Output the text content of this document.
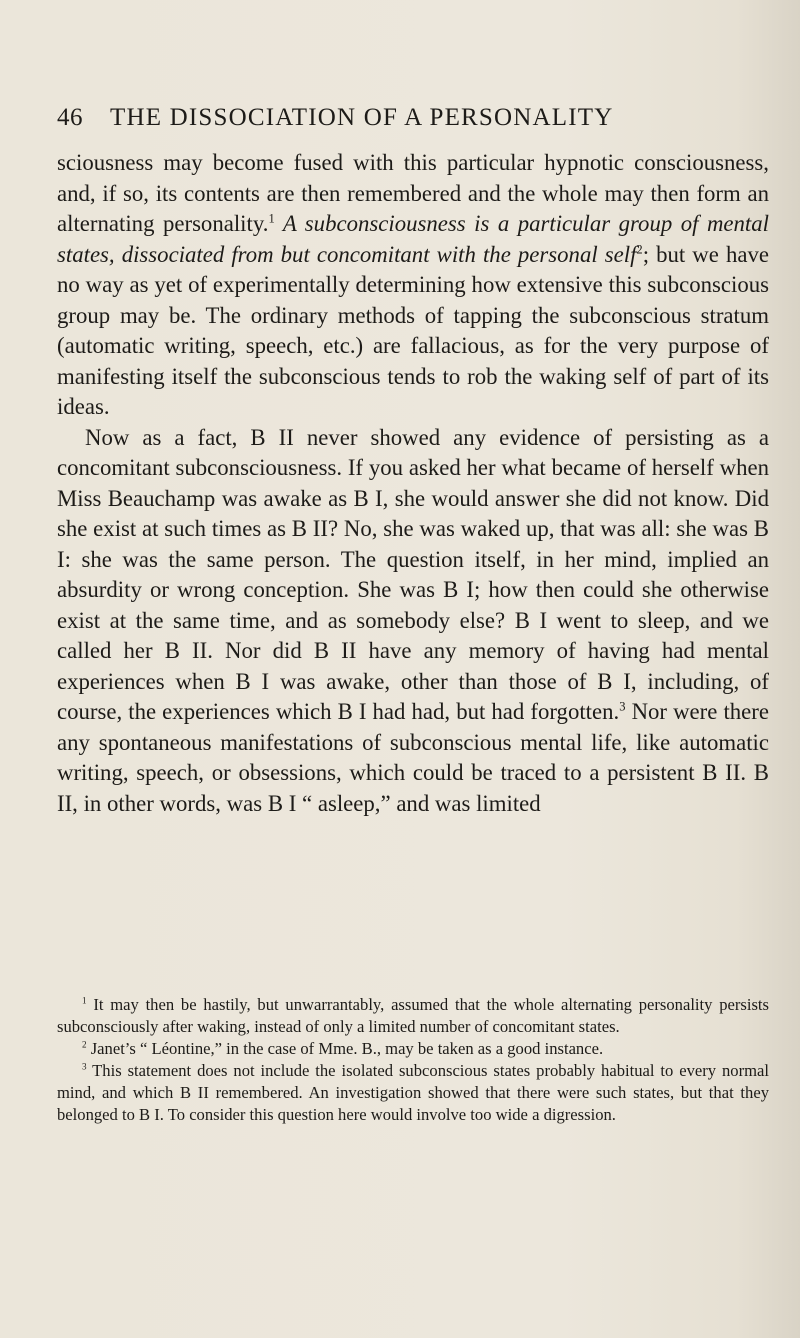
46 THE DISSOCIATION OF A PERSONALITY

sciousness may become fused with this particular hypnotic consciousness, and, if so, its contents are then remembered and the whole may then form an alternating personality.$^1$ A subconsciousness is a particular group of mental states, dissociated from but concomitant with the personal self$^2$; but we have no way as yet of experimentally determining how extensive this subconscious group may be. The ordinary methods of tapping the subconscious stratum (automatic writing, speech, etc.) are fallacious, as for the very purpose of manifesting itself the subconscious tends to rob the waking self of part of its ideas.

Now as a fact, B II never showed any evidence of persisting as a concomitant subconsciousness. If you asked her what became of herself when Miss Beauchamp was awake as B I, she would answer she did not know. Did she exist at such times as B II? No, she was waked up, that was all: she was B I: she was the same person. The question itself, in her mind, implied an absurdity or wrong conception. She was B I; how then could she otherwise exist at the same time, and as somebody else? B I went to sleep, and we called her B II. Nor did B II have any memory of having had mental experiences when B I was awake, other than those of B I, including, of course, the experiences which B I had had, but had forgotten.$^3$ Nor were there any spontaneous manifestations of subconscious mental life, like automatic writing, speech, or obsessions, which could be traced to a persistent B II. B II, in other words, was B I “ asleep,” and was limited

$^1$ It may then be hastily, but unwarrantably, assumed that the whole alternating personality persists subconsciously after waking, instead of only a limited number of concomitant states.

$^2$ Janet’s “ Léontine,” in the case of Mme. B., may be taken as a good instance.

$^3$ This statement does not include the isolated subconscious states probably habitual to every normal mind, and which B II remembered. An investigation showed that there were such states, but that they belonged to B I. To consider this question here would involve too wide a digression.
